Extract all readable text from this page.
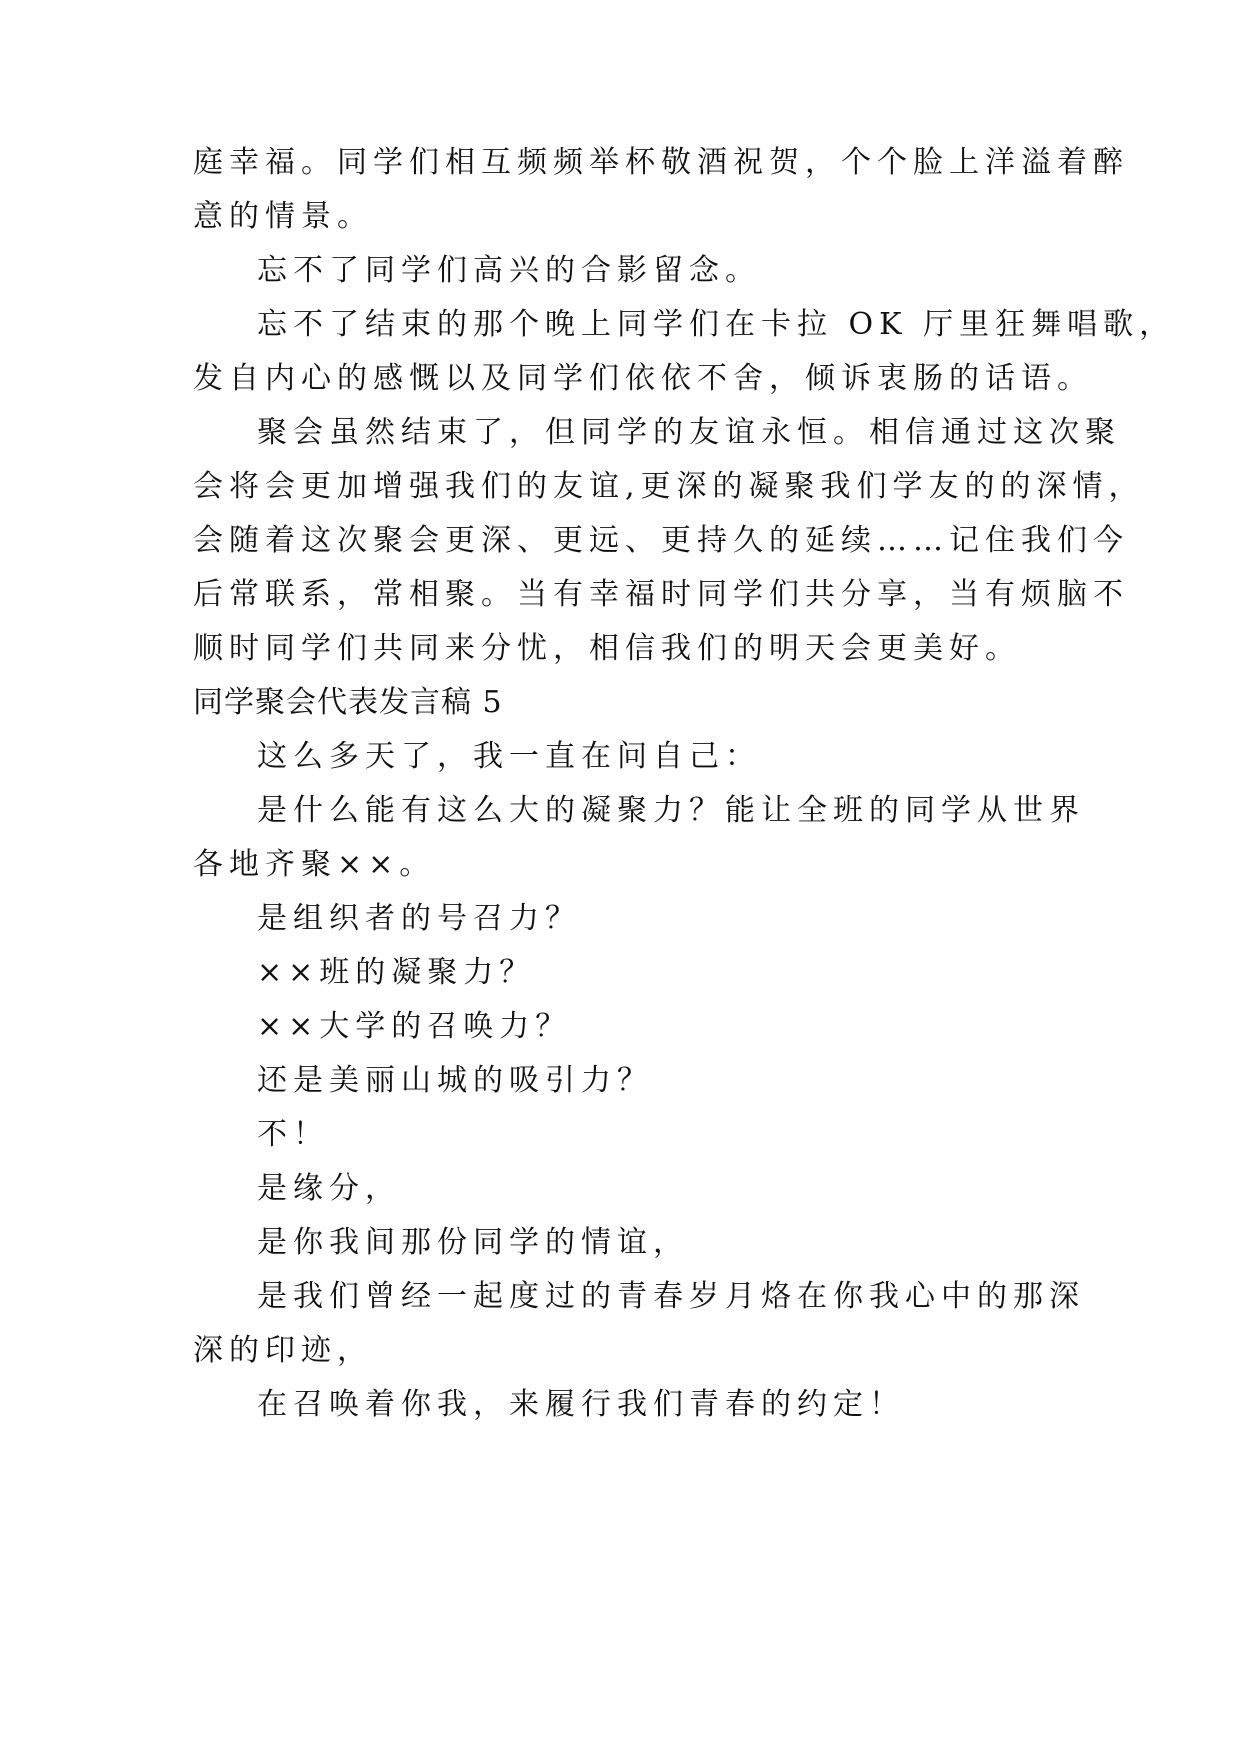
庭幸福。同学们相互频频举杯敬酒祝贺，个个脸上洋溢着醉
意的情景。
忘不了同学们高兴的合影留念。
忘不了结束的那个晚上同学们在卡拉 OK 厅里狂舞唱歌，
发自内心的感慨以及同学们依依不舍，倾诉衷肠的话语。
聚会虽然结束了，但同学的友谊永恒。相信通过这次聚
会将会更加增强我们的友谊,更深的凝聚我们学友的的深情，
会随着这次聚会更深、更远、更持久的延续……记住我们今
后常联系，常相聚。当有幸福时同学们共分享，当有烦脑不
顺时同学们共同来分忧，相信我们的明天会更美好。
同学聚会代表发言稿 5
这么多天了，我一直在问自己：
是什么能有这么大的凝聚力？能让全班的同学从世界
各地齐聚××。
是组织者的号召力？
××班的凝聚力？
××大学的召唤力？
还是美丽山城的吸引力？
不！
是缘分，
是你我间那份同学的情谊，
是我们曾经一起度过的青春岁月烙在你我心中的那深
深的印迹，
在召唤着你我，来履行我们青春的约定！
